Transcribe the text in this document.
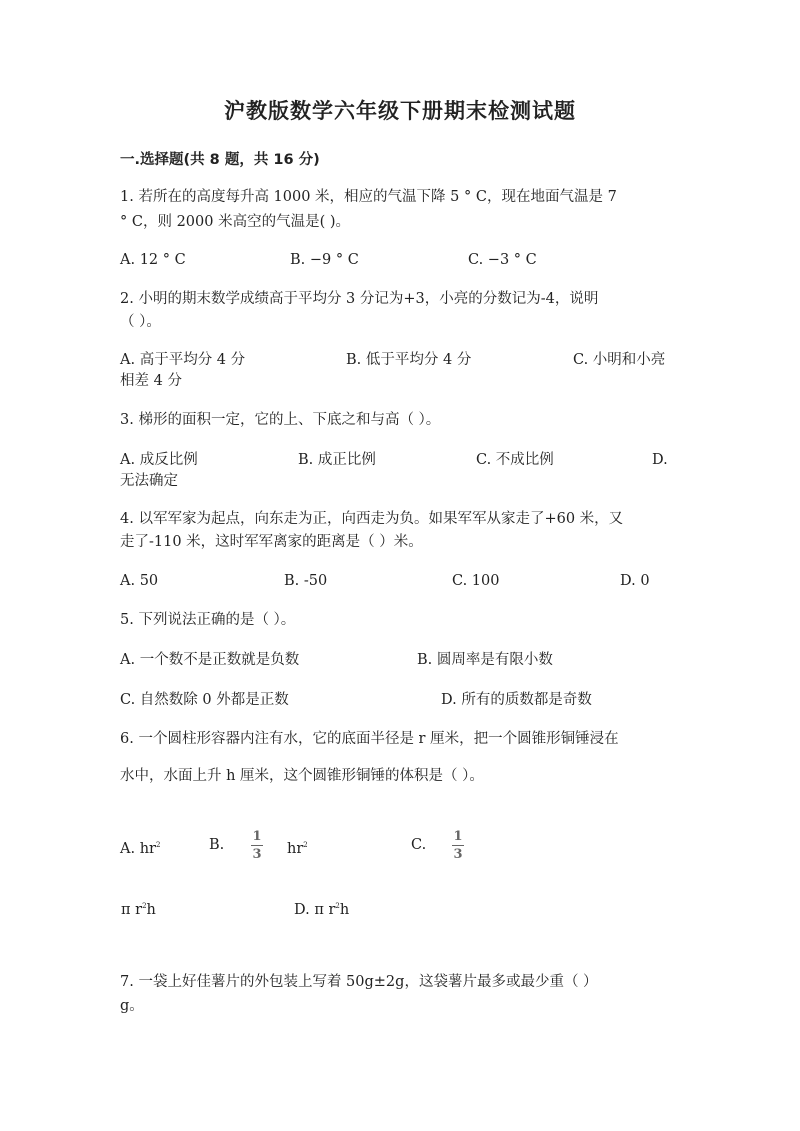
沪教版数学六年级下册期末检测试题
一.选择题(共 8 题，共 16 分)
1. 若所在的高度每升高 1000 米，相应的气温下降 5 ° C，现在地面气温是 7
° C，则 2000 米高空的气温是( )。
A. 12 ° C	B. −9 ° C	C. −3 ° C
2. 小明的期末数学成绩高于平均分 3 分记为+3，小亮的分数记为-4，说明
（ ）。
A. 高于平均分 4 分	B. 低于平均分 4 分	C. 小明和小亮
相差 4 分
3. 梯形的面积一定，它的上、下底之和与高（ ）。
A. 成反比例	B. 成正比例	C. 不成比例	D.
无法确定
4. 以军军家为起点，向东走为正，向西走为负。如果军军从家走了+60 米，又
走了-110 米，这时军军离家的距离是（ ）米。
A. 50	B. -50	C. 100	D. 0
5. 下列说法正确的是（ ）。
A. 一个数不是正数就是负数	B. 圆周率是有限小数
C. 自然数除 0 外都是正数	D. 所有的质数都是奇数
6. 一个圆柱形容器内注有水，它的底面半径是 r 厘米，把一个圆锥形铜锤浸在
水中，水面上升 h 厘米，这个圆锥形铜锤的体积是（ ）。
A. $hr^2$	B.
1
3 $hr^2$	C.
1
3
π $r^2h$	D. π $r^2h$
7. 一袋上好佳薯片的外包装上写着 50g±2g，这袋薯片最多或最少重（ ）
g。
